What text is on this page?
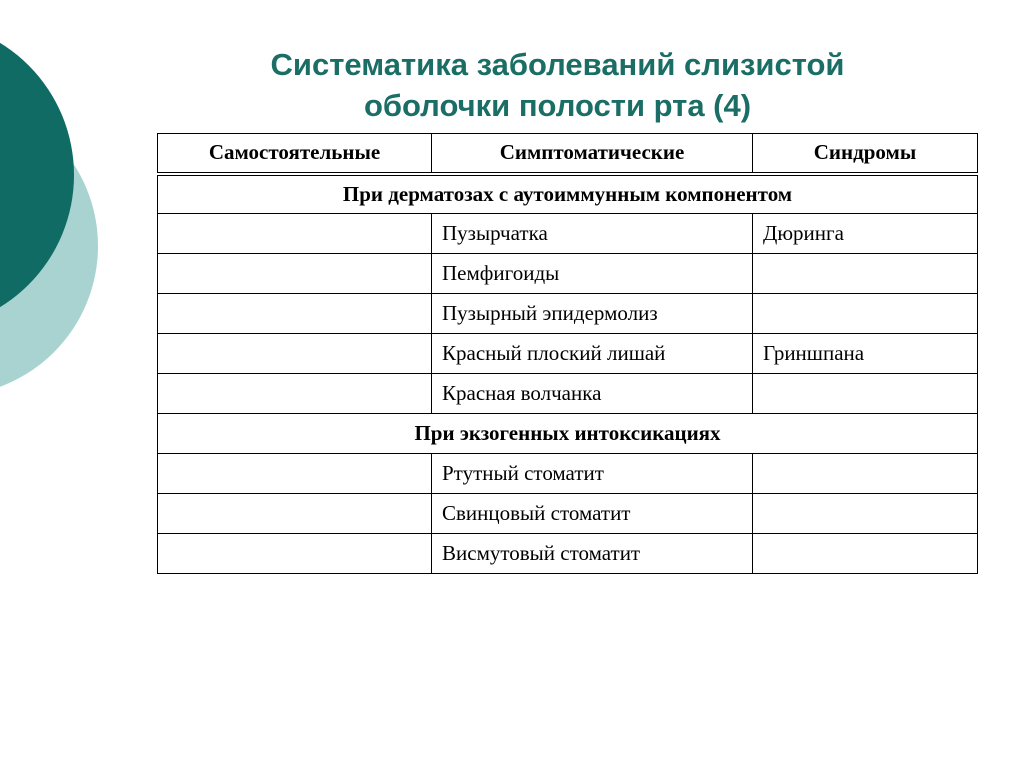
Систематика заболеваний слизистой
оболочки полости рта (4)
Самостоятельные	Симптоматические	Синдромы
При дерматозах с аутоиммунным компонентом		
	Пузырчатка	Дюринга
	Пемфигоиды	
	Пузырный эпидермолиз	
	Красный плоский лишай	Гриншпана
	Красная волчанка	
При экзогенных интоксикациях		
	Ртутный стоматит	
	Свинцовый стоматит	
	Висмутовый стоматит	
